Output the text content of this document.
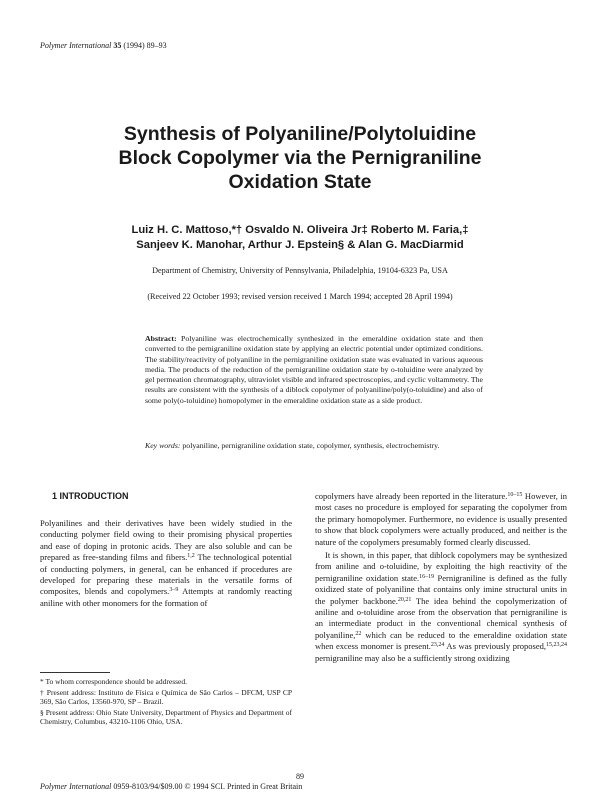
Polymer International 35 (1994) 89–93
Synthesis of Polyaniline/Polytoluidine
Block Copolymer via the Pernigraniline
Oxidation State
Luiz H. C. Mattoso,*† Osvaldo N. Oliveira Jr‡ Roberto M. Faria,‡
Sanjeev K. Manohar, Arthur J. Epstein§ & Alan G. MacDiarmid
Department of Chemistry, University of Pennsylvania, Philadelphia, 19104-6323 Pa, USA
(Received 22 October 1993; revised version received 1 March 1994; accepted 28 April 1994)
Abstract: Polyaniline was electrochemically synthesized in the emeraldine oxidation state and then converted to the pernigraniline oxidation state by applying an electric potential under optimized conditions. The stability/reactivity of polyaniline in the pernigraniline oxidation state was evaluated in various aqueous media. The products of the reduction of the pernigraniline oxidation state by o-toluidine were analyzed by gel permeation chromatography, ultraviolet visible and infrared spectroscopies, and cyclic voltammetry. The results are consistent with the synthesis of a diblock copolymer of polyaniline/poly(o-toluidine) and also of some poly(o-toluidine) homopolymer in the emeraldine oxidation state as a side product.
Key words: polyaniline, pernigraniline oxidation state, copolymer, synthesis, electrochemistry.
1 INTRODUCTION

Polyanilines and their derivatives have been widely studied in the conducting polymer field owing to their promising physical properties and ease of doping in protonic acids. They are also soluble and can be prepared as free-standing films and fibers.$^{1,2}$ The technological potential of conducting polymers, in general, can be enhanced if procedures are developed for preparing these materials in the versatile forms of composites, blends and copolymers.$^{3-9}$ Attempts at randomly reacting aniline with other monomers for the formation of

* To whom correspondence should be addressed.

† Present address: Instituto de Física e Química de São Carlos – DFCM, USP CP 369, São Carlos, 13560-970, SP – Brazil.

§ Present address: Ohio State University, Department of Physics and Department of Chemistry, Columbus, 43210-1106 Ohio, USA.

copolymers have already been reported in the literature.$^{10-15}$ However, in most cases no procedure is employed for separating the copolymer from the primary homopolymer. Furthermore, no evidence is usually presented to show that block copolymers were actually produced, and neither is the nature of the copolymers presumably formed clearly discussed.

It is shown, in this paper, that diblock copolymers may be synthesized from aniline and o-toluidine, by exploiting the high reactivity of the pernigraniline oxidation state.$^{16-19}$ Pernigraniline is defined as the fully oxidized state of polyaniline that contains only imine structural units in the polymer backbone.$^{20,21}$ The idea behind the copolymerization of aniline and o-toluidine arose from the observation that pernigraniline is an intermediate product in the conventional chemical synthesis of polyaniline,$^{22}$ which can be reduced to the emeraldine oxidation state when excess monomer is present.$^{23,24}$ As was previously proposed,$^{15,23,24}$ pernigraniline may also be a sufficiently strong oxidizing

89
Polymer International 0959-8103/94/$09.00 © 1994 SCI. Printed in Great Britain
